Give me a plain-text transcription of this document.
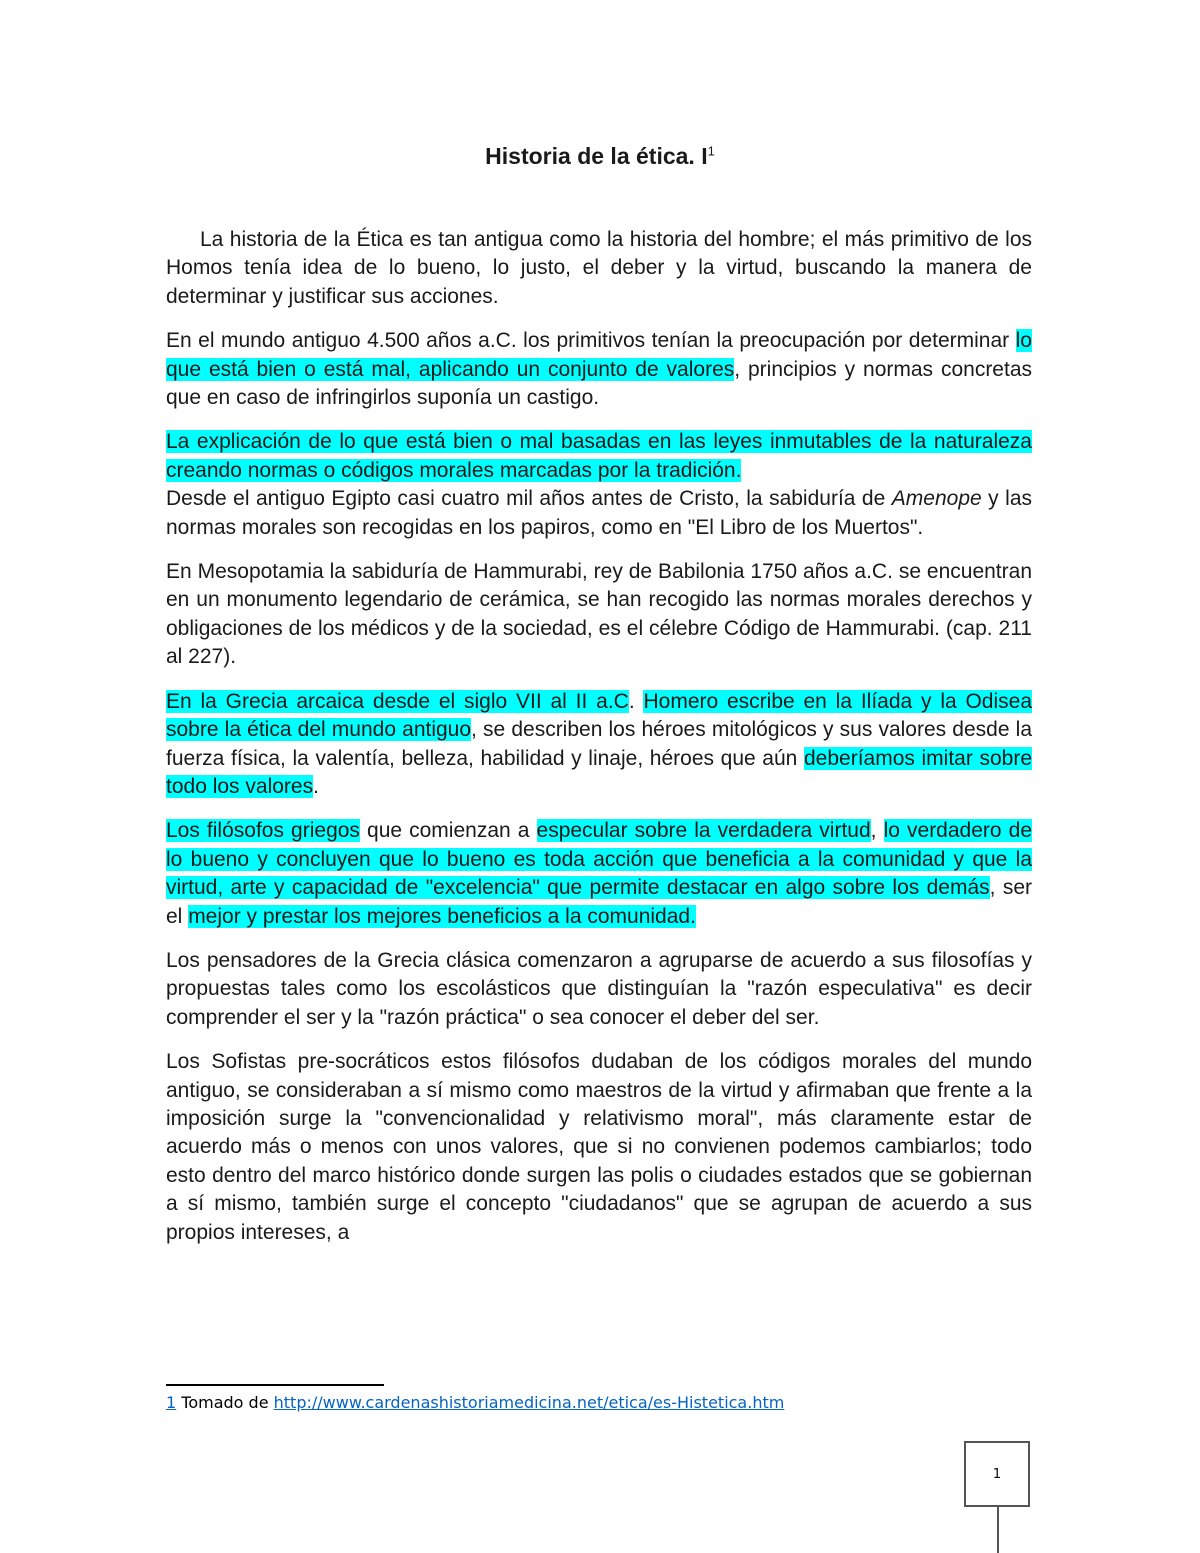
Historia de la ética. $I^1$

La historia de la Ética es tan antigua como la historia del hombre; el más primitivo de los Homos tenía idea de lo bueno, lo justo, el deber y la virtud, buscando la manera de determinar y justificar sus acciones.

En el mundo antiguo 4.500 años a.C. los primitivos tenían la preocupación por determinar lo que está bien o está mal, aplicando un conjunto de valores, principios y normas concretas que en caso de infringirlos suponía un castigo.

La explicación de lo que está bien o mal basadas en las leyes inmutables de la naturaleza creando normas o códigos morales marcadas por la tradición.

Desde el antiguo Egipto casi cuatro mil años antes de Cristo, la sabiduría de Amenope y las normas morales son recogidas en los papiros, como en "El Libro de los Muertos".

En Mesopotamia la sabiduría de Hammurabi, rey de Babilonia 1750 años a.C. se encuentran en un monumento legendario de cerámica, se han recogido las normas morales derechos y obligaciones de los médicos y de la sociedad, es el célebre Código de Hammurabi. (cap. 211 al 227).

En la Grecia arcaica desde el siglo VII al II a.C. Homero escribe en la Ilíada y la Odisea sobre la ética del mundo antiguo, se describen los héroes mitológicos y sus valores desde la fuerza física, la valentía, belleza, habilidad y linaje, héroes que aún deberíamos imitar sobre todo los valores.

Los filósofos griegos que comienzan a especular sobre la verdadera virtud, lo verdadero de lo bueno y concluyen que lo bueno es toda acción que beneficia a la comunidad y que la virtud, arte y capacidad de "excelencia" que permite destacar en algo sobre los demás, ser el mejor y prestar los mejores beneficios a la comunidad.

Los pensadores de la Grecia clásica comenzaron a agruparse de acuerdo a sus filosofías y propuestas tales como los escolásticos que distinguían la "razón especulativa" es decir comprender el ser y la "razón práctica" o sea conocer el deber del ser.

Los Sofistas pre-socráticos estos filósofos dudaban de los códigos morales del mundo antiguo, se consideraban a sí mismo como maestros de la virtud y afirmaban que frente a la imposición surge la "convencionalidad y relativismo moral", más claramente estar de acuerdo más o menos con unos valores, que si no convienen podemos cambiarlos; todo esto dentro del marco histórico donde surgen las polis o ciudades estados que se gobiernan a sí mismo, también surge el concepto "ciudadanos" que se agrupan de acuerdo a sus propios intereses, a

1 Tomado de http://www.cardenashistoriamedicina.net/etica/es-Histetica.htm
1
